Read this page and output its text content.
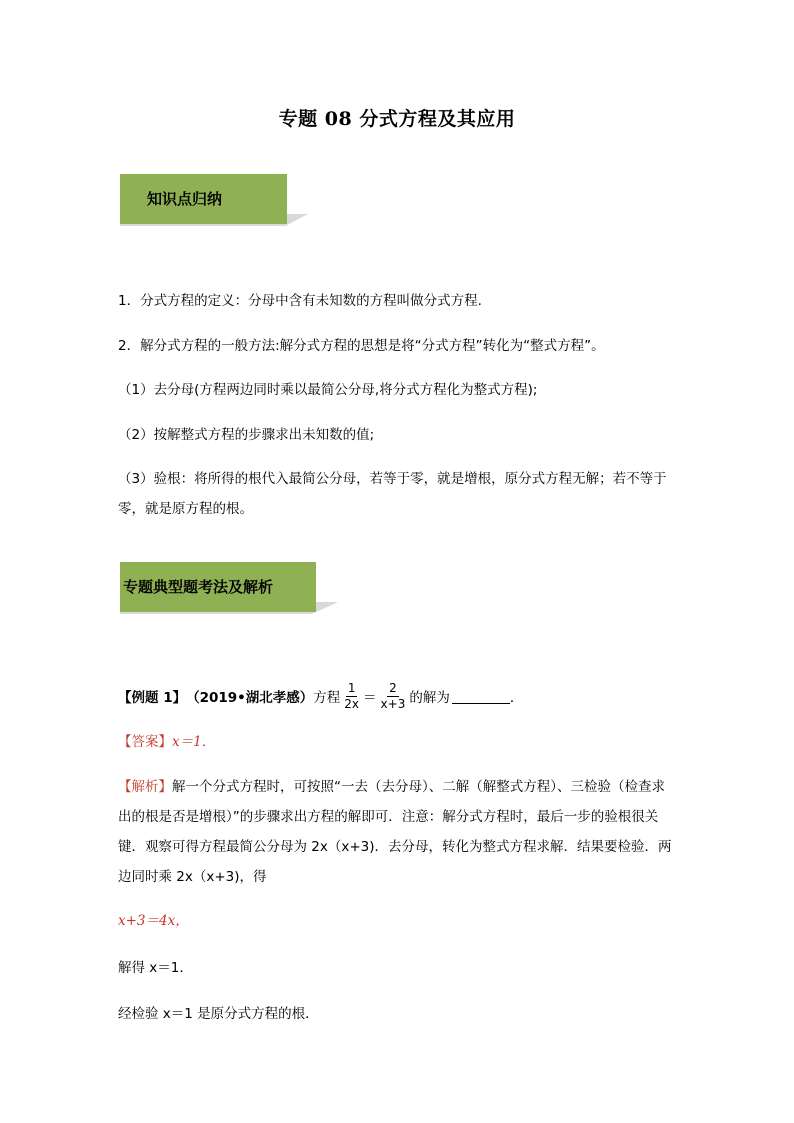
专题 08 分式方程及其应用
知识点归纳
1．分式方程的定义：分母中含有未知数的方程叫做分式方程.
2．解分式方程的一般方法:解分式方程的思想是将“分式方程”转化为“整式方程”。
（1）去分母(方程两边同时乘以最简公分母,将分式方程化为整式方程);
（2）按解整式方程的步骤求出未知数的值;
（3）验根：将所得的根代入最简公分母，若等于零，就是增根，原分式方程无解；若不等于零，就是原方程的根。
专题典型题考法及解析
【例题 1】 （2019•湖北孝感） 方程 $\frac{1}{2x} = \frac{2}{x+3}$ 的解为	．
【答案】x＝1．
【解析】解一个分式方程时，可按照“一去（去分母）、二解（解整式方程）、三检验（检查求出的根是否是增根）”的步骤求出方程的解即可．注意：解分式方程时，最后一步的验根很关键．观察可得方程最简公分母为 2x（x+3)．去分母，转化为整式方程求解．结果要检验．两边同时乘 2x（x+3)，得
x+3＝4x，
解得 x＝1．
经检验 x＝1 是原分式方程的根．
